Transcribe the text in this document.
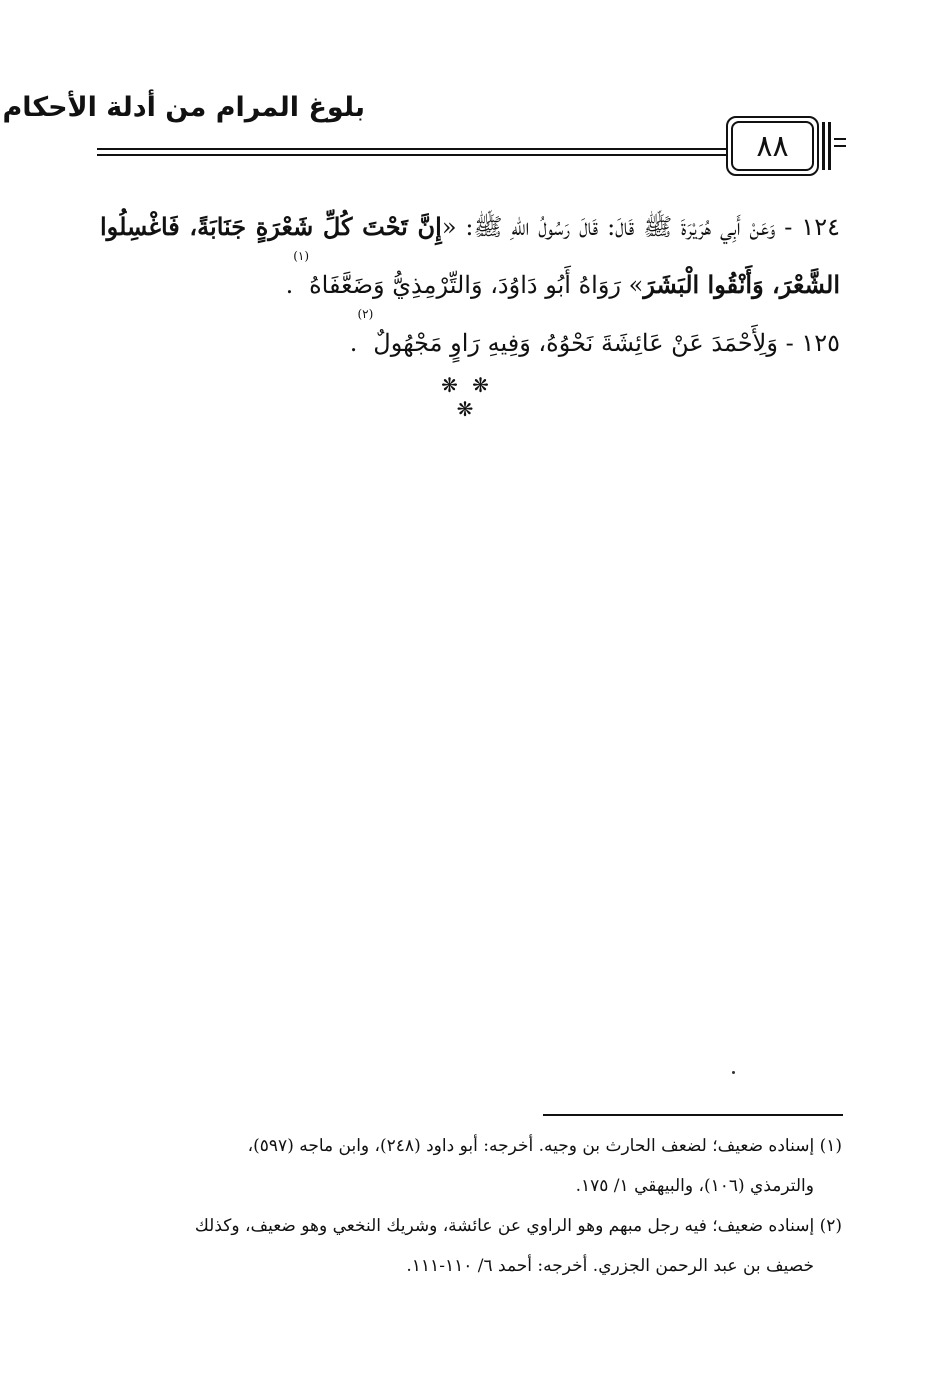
بلوغ المرام من أدلة الأحكام
٨٨

١٢٤ - وَعَنْ أَبِي هُرَيْرَةَ ﷺ قَالَ: قَالَ رَسُولُ اللهِ ﷺ: «إِنَّ تَحْتَ كُلِّ شَعْرَةٍ جَنَابَةً، فَاغْسِلُوا الشَّعْرَ، وَأَنْقُوا الْبَشَرَ» رَوَاهُ أَبُو دَاوُدَ، وَالتِّرْمِذِيُّ وَضَعَّفَاهُ$^{(١)}$.

١٢٥ - وَلِأَحْمَدَ عَنْ عَائِشَةَ نَحْوُهُ، وَفِيهِ رَاوٍ مَجْهُولٌ$^{(٢)}$.

❋ ❋ ❋

(١) إسناده ضعيف؛ لضعف الحارث بن وجيه. أخرجه: أبو داود (٢٤٨)، وابن ماجه (٥٩٧)،

والترمذي (١٠٦)، والبيهقي ١/ ١٧٥.

(٢) إسناده ضعيف؛ فيه رجل مبهم وهو الراوي عن عائشة، وشريك النخعي وهو ضعيف، وكذلك

خصيف بن عبد الرحمن الجزري. أخرجه: أحمد ٦/ ١١٠-١١١.
